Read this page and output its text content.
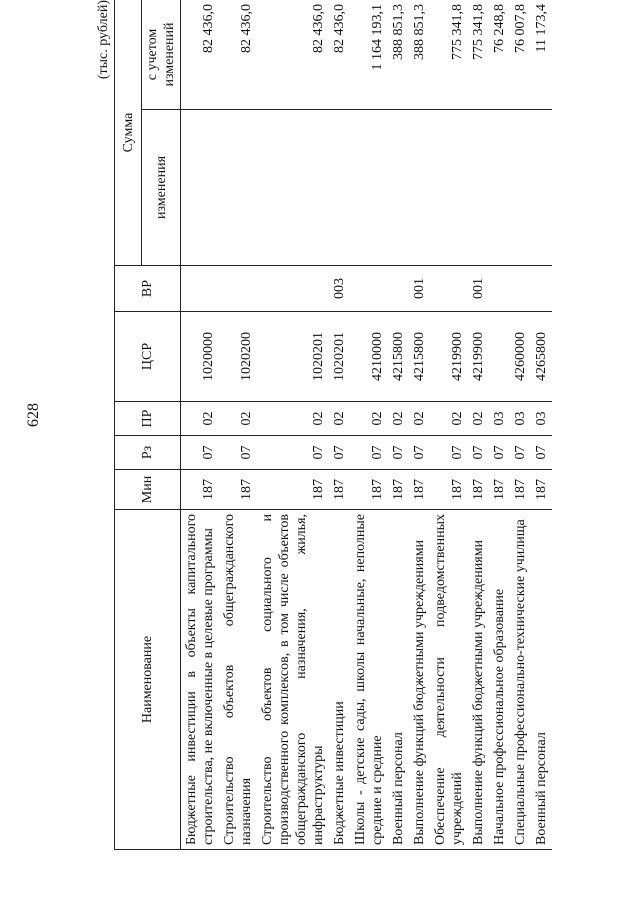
628
(тыс. рублей)
Наименование	Мин	Рз	ПР	ЦСР	ВР	Сумма	
						изменения	с учетом изменений
Бюджетные инвестиции в объекты капитального строительства, не включенные в целевые программы	187	07	02	1020000			82 436,0
Строительство объектов общегражданского назначения	187	07	02	1020200			82 436,0
Строительство объектов социального и производственного комплексов, в том числе объектов общегражданского назначения, жилья, инфраструктуры	187	07	02	1020201			82 436,0
Бюджетные инвестиции	187	07	02	1020201	003		82 436,0
Школы - детские сады, школы начальные, неполные средние и средние	187	07	02	4210000			1 164 193,1
Военный персонал	187	07	02	4215800			388 851,3
Выполнение функций бюджетными учреждениями	187	07	02	4215800	001		388 851,3
Обеспечение деятельности подведомственных учреждений	187	07	02	4219900			775 341,8
Выполнение функций бюджетными учреждениями	187	07	02	4219900	001		775 341,8
Начальное профессиональное образование	187	07	03				76 248,8
Специальные профессионально-технические училища	187	07	03	4260000			76 007,8
Военный персонал	187	07	03	4265800			11 173,4
